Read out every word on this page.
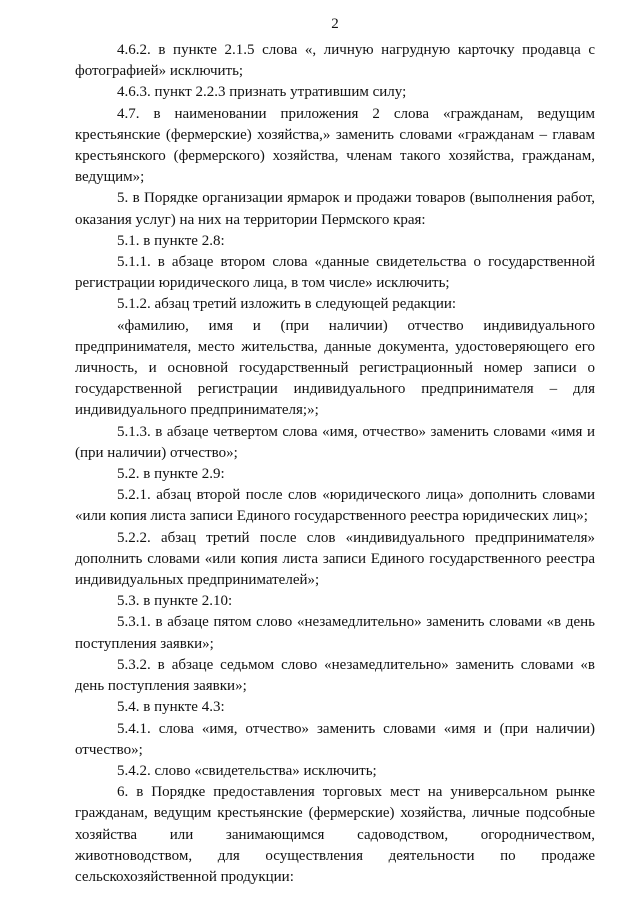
2

4.6.2. в пункте 2.1.5 слова «, личную нагрудную карточку продавца с фотографией» исключить;

4.6.3. пункт 2.2.3 признать утратившим силу;

4.7. в наименовании приложения 2 слова «гражданам, ведущим крестьянские (фермерские) хозяйства,» заменить словами «гражданам – главам крестьянского (фермерского) хозяйства, членам такого хозяйства, гражданам, ведущим»;

5. в Порядке организации ярмарок и продажи товаров (выполнения работ, оказания услуг) на них на территории Пермского края:

5.1. в пункте 2.8:

5.1.1. в абзаце втором слова «данные свидетельства о государственной регистрации юридического лица, в том числе» исключить;

5.1.2. абзац третий изложить в следующей редакции:

«фамилию, имя и (при наличии) отчество индивидуального предпринимателя, место жительства, данные документа, удостоверяющего его личность, и основной государственный регистрационный номер записи о государственной регистрации индивидуального предпринимателя – для индивидуального предпринимателя;»;

5.1.3. в абзаце четвертом слова «имя, отчество» заменить словами «имя и (при наличии) отчество»;

5.2. в пункте 2.9:

5.2.1. абзац второй после слов «юридического лица» дополнить словами «или копия листа записи Единого государственного реестра юридических лиц»;

5.2.2. абзац третий после слов «индивидуального предпринимателя» дополнить словами «или копия листа записи Единого государственного реестра индивидуальных предпринимателей»;

5.3. в пункте 2.10:

5.3.1. в абзаце пятом слово «незамедлительно» заменить словами «в день поступления заявки»;

5.3.2. в абзаце седьмом слово «незамедлительно» заменить словами «в день поступления заявки»;

5.4. в пункте 4.3:

5.4.1. слова «имя, отчество» заменить словами «имя и (при наличии) отчество»;

5.4.2. слово «свидетельства» исключить;

6. в Порядке предоставления торговых мест на универсальном рынке гражданам, ведущим крестьянские (фермерские) хозяйства, личные подсобные хозяйства или занимающимся садоводством, огородничеством, животноводством, для осуществления деятельности по продаже сельскохозяйственной продукции:
